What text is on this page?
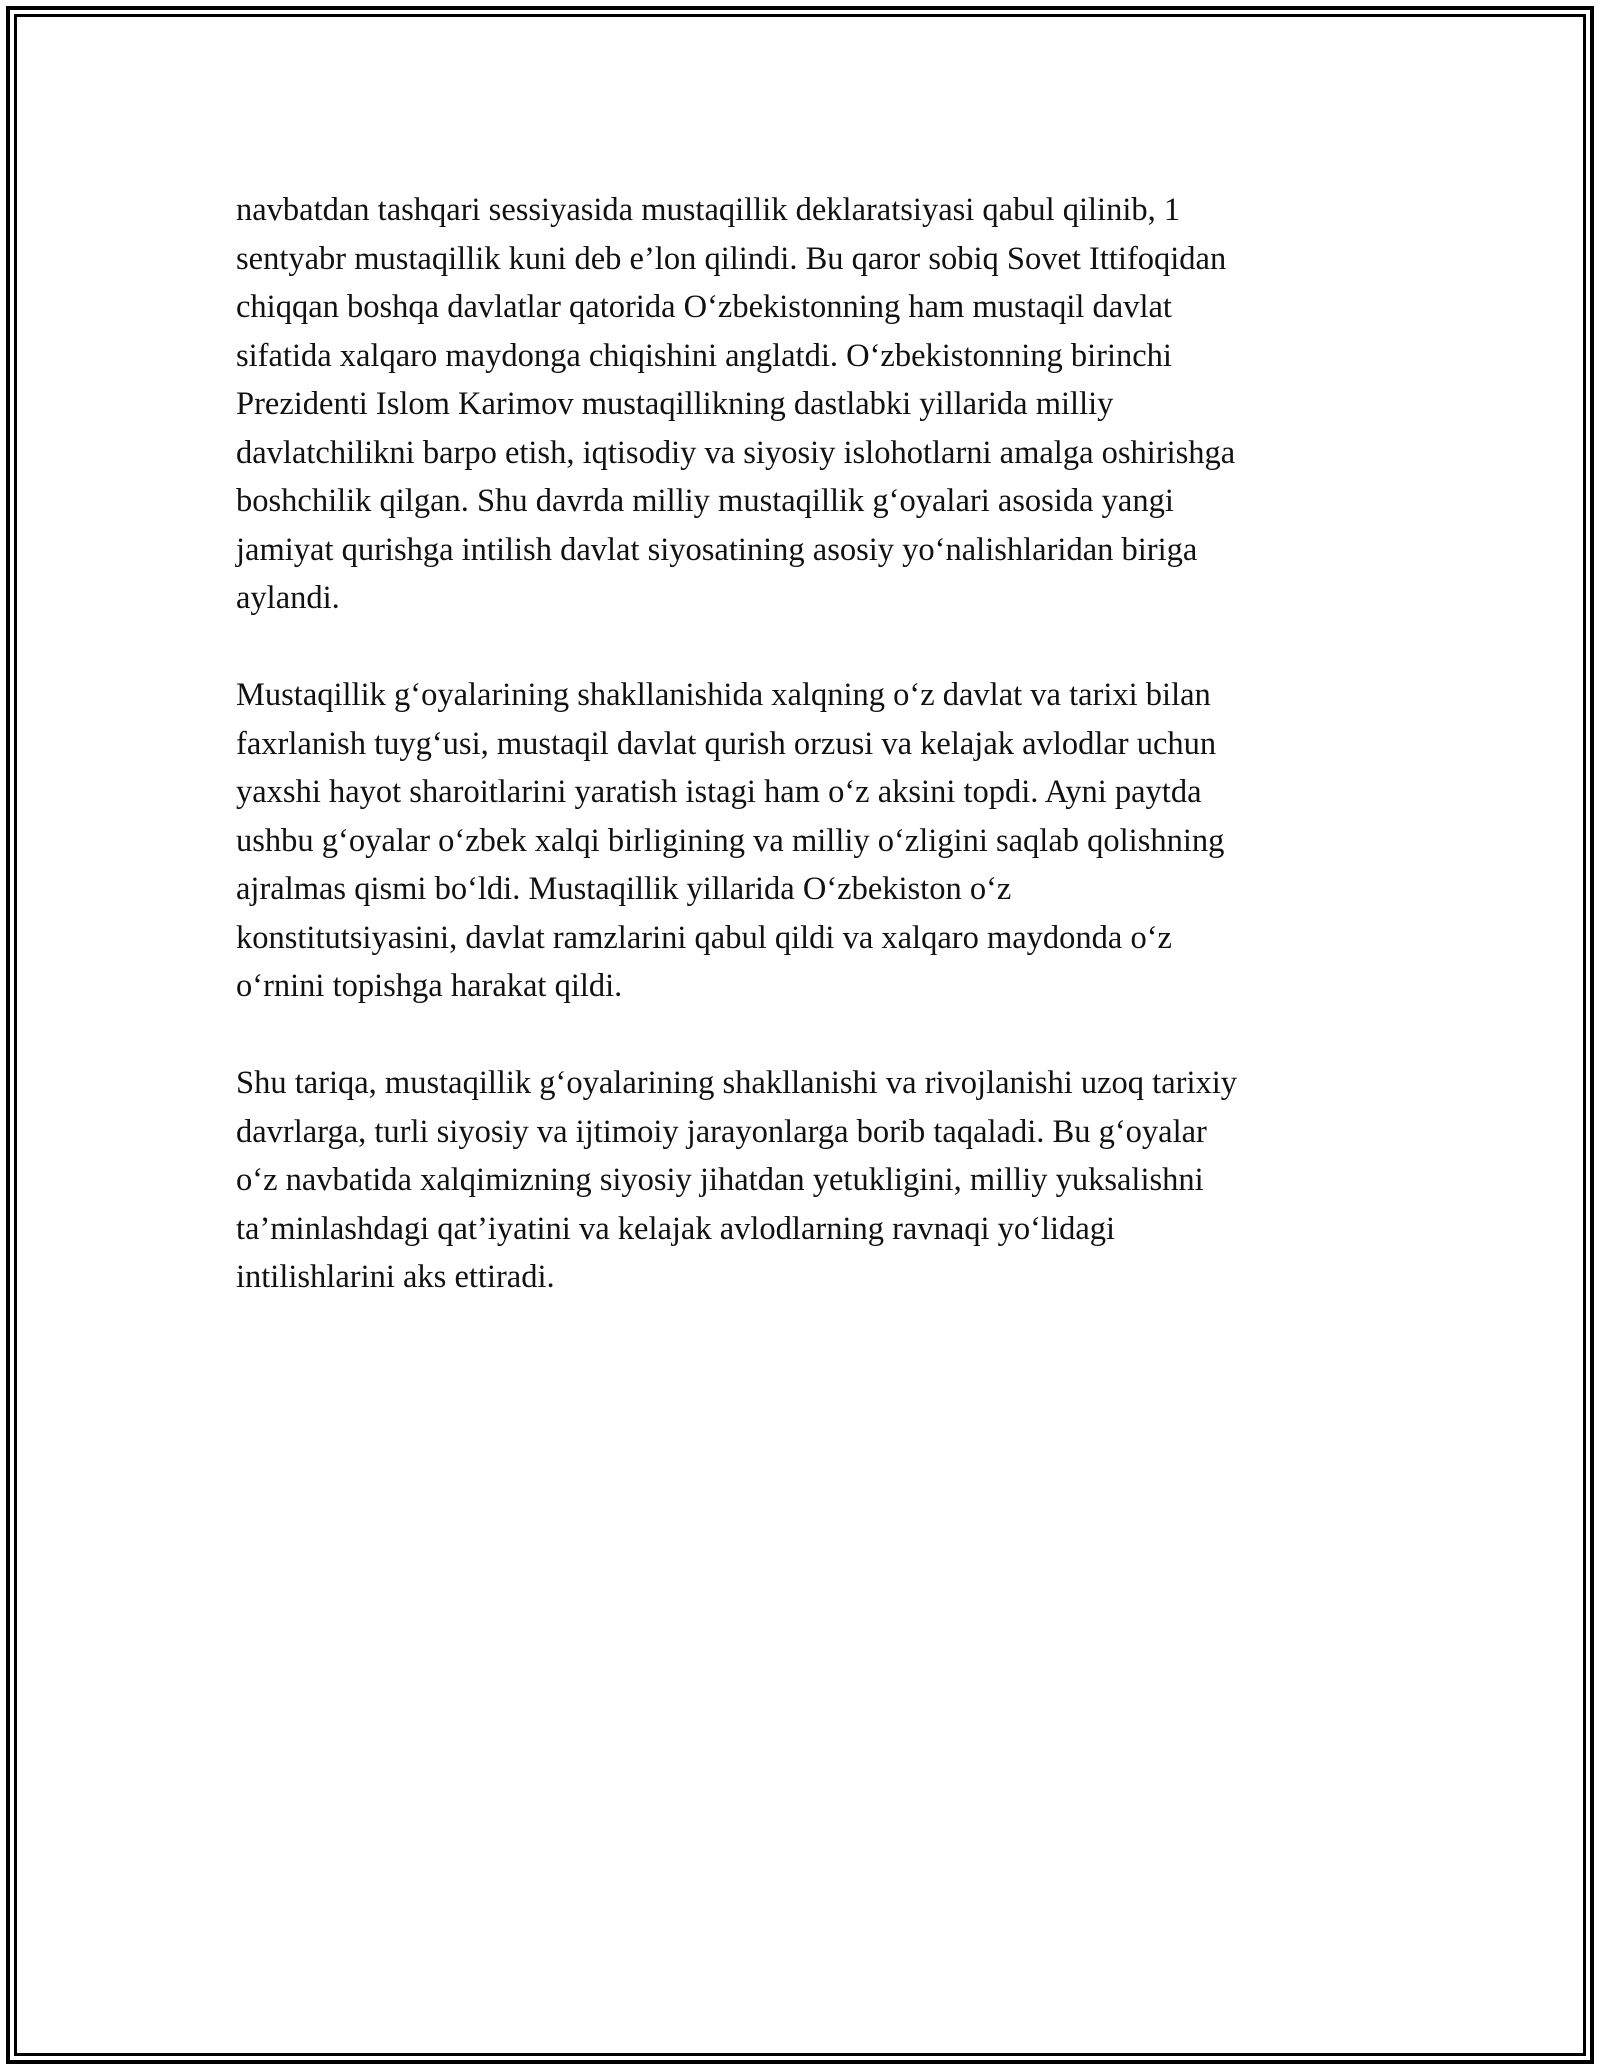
navbatdan tashqari sessiyasida mustaqillik deklaratsiyasi qabul qilinib, 1
sentyabr mustaqillik kuni deb e’lon qilindi. Bu qaror sobiq Sovet Ittifoqidan
chiqqan boshqa davlatlar qatorida O‘zbekistonning ham mustaqil davlat
sifatida xalqaro maydonga chiqishini anglatdi. O‘zbekistonning birinchi
Prezidenti Islom Karimov mustaqillikning dastlabki yillarida milliy
davlatchilikni barpo etish, iqtisodiy va siyosiy islohotlarni amalga oshirishga
boshchilik qilgan. Shu davrda milliy mustaqillik g‘oyalari asosida yangi
jamiyat qurishga intilish davlat siyosatining asosiy yo‘nalishlaridan biriga
aylandi.

Mustaqillik g‘oyalarining shakllanishida xalqning o‘z davlat va tarixi bilan
faxrlanish tuyg‘usi, mustaqil davlat qurish orzusi va kelajak avlodlar uchun
yaxshi hayot sharoitlarini yaratish istagi ham o‘z aksini topdi. Ayni paytda
ushbu g‘oyalar o‘zbek xalqi birligining va milliy o‘zligini saqlab qolishning
ajralmas qismi bo‘ldi. Mustaqillik yillarida O‘zbekiston o‘z
konstitutsiyasini, davlat ramzlarini qabul qildi va xalqaro maydonda o‘z
o‘rnini topishga harakat qildi.

Shu tariqa, mustaqillik g‘oyalarining shakllanishi va rivojlanishi uzoq tarixiy
davrlarga, turli siyosiy va ijtimoiy jarayonlarga borib taqaladi. Bu g‘oyalar
o‘z navbatida xalqimizning siyosiy jihatdan yetukligini, milliy yuksalishni
ta’minlashdagi qat’iyatini va kelajak avlodlarning ravnaqi yo‘lidagi
intilishlarini aks ettiradi.
